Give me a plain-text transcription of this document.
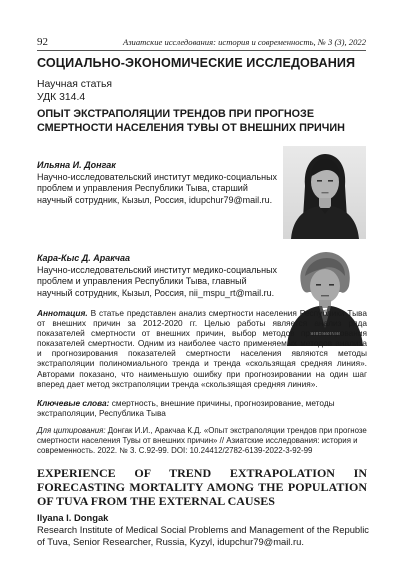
92	Азиатские исследования: история и современность, № 3 (3), 2022
СОЦИАЛЬНО-ЭКОНОМИЧЕСКИЕ ИССЛЕДОВАНИЯ
Научная статья
УДК 314.4
ОПЫТ ЭКСТРАПОЛЯЦИИ ТРЕНДОВ ПРИ ПРОГНОЗЕ СМЕРТНОСТИ НАСЕЛЕНИЯ ТУВЫ ОТ ВНЕШНИХ ПРИЧИН
Ильяна И. Донгак
Научно-исследовательский институт медико-социальных
проблем и управления Республики Тыва, старший
научный сотрудник, Кызыл, Россия, idupchur79@mail.ru.
Кара-Кыс Д. Аракчаа
Научно-исследовательский институт медико-социальных
проблем и управления Республики Тыва, главный
научный сотрудник, Кызыл, Россия, nii_mspu_rt@mail.ru.
Аннотация. В статье представлен анализ смертности населения Республики Тыва от внешних причин за 2012-2020 гг. Целью работы является анализ ряда показателей смертности от внешних причин, выбор методов прогнозирования показателей смертности. Одним из наиболее часто применяемых методов анализа и прогнозирования показателей смертности населения являются методы экстраполяции полиномиального тренда и тренда «скользящая средняя линия». Авторами показано, что наименьшую ошибку при прогнозировании на один шаг вперед дает метод экстраполяции тренда «скользящая средняя линия».
Ключевые слова: смертность, внешние причины, прогнозирование, методы экстраполяции, Республика Тыва
Для цитирования: Донгак И.И., Аракчаа К.Д. «Опыт экстраполяции трендов при прогнозе смертности населения Тувы от внешних причин» // Азиатские исследования: история и современность. 2022. № 3. С.92-99. DOI: 10.24412/2782-6139-2022-3-92-99
EXPERIENCE OF TREND EXTRAPOLATION IN FORECASTING MORTALITY AMONG THE POPULATION OF TUVA FROM THE EXTERNAL CAUSES
Ilyana I. Dongak
Research Institute of Medical Social Problems and Management of the Republic of Tuva, Senior Researcher, Russia, Kyzyl, idupchur79@mail.ru.
